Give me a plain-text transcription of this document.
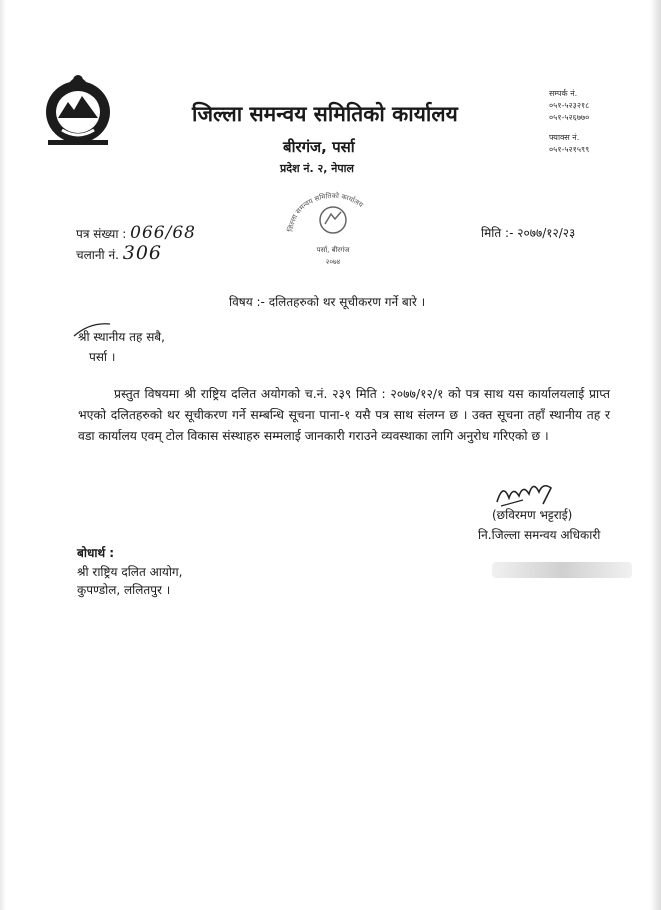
जिल्ला समन्वय समितिको कार्यालय
बीरगंज, पर्सा
प्रदेश नं. २, नेपाल
सम्पर्क नं.
०५१-५२३२१८
०५१-५२६७७०
फ्याक्स नं.
०५१-५२१५९९
जिल्ला समन्वय समितिको कार्यालय
पर्सा, बीरगंज
२०७४
पत्र संख्या : 066/68
चलानी नं. 306
मिति :- २०७७/१२/२३
विषय :- दलितहरुको थर सूचीकरण गर्ने बारे ।
श्री स्थानीय तह सबै,
पर्सा ।
प्रस्तुत विषयमा श्री राष्ट्रिय दलित अयोगको च.नं. २३९ मिति : २०७७/१२/१ को पत्र साथ यस कार्यालयलाई प्राप्त भएको दलितहरुको थर सूचीकरण गर्ने सम्बन्धि सूचना पाना-१ यसै पत्र साथ संलग्न छ । उक्त सूचना तहाँ स्थानीय तह र वडा कार्यालय एवम् टोल विकास संस्थाहरु सम्मलाई जानकारी गराउने व्यवस्थाका लागि अनुरोध गरिएको छ ।
(छविरमण भट्टराई)
नि.जिल्ला समन्वय अधिकारी
बोधार्थ :
श्री राष्ट्रिय दलित आयोग,
कुपण्डोल, ललितपुर ।
